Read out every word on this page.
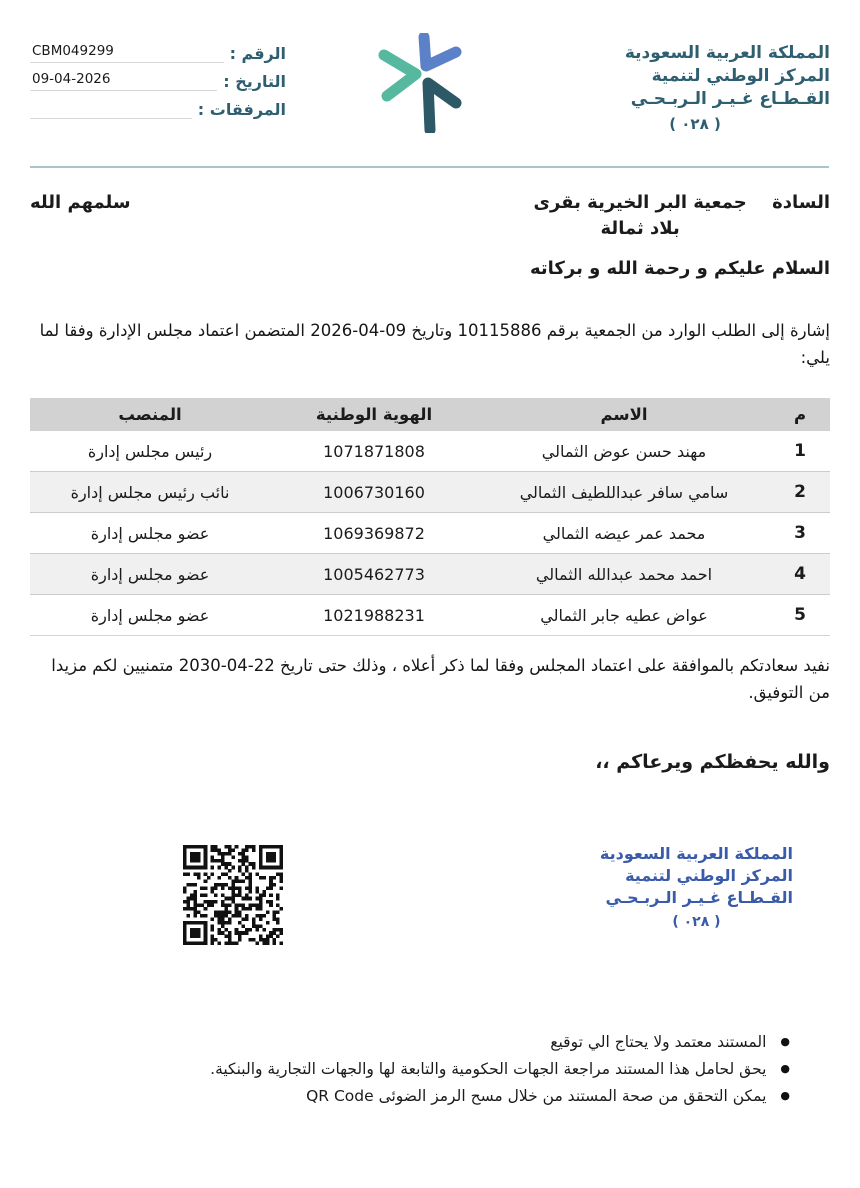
الرقم :
CBM049299
التاريخ :
09-04-2026
المرفقات :
المملكة العربية السعودية
المركز الوطني لتنمية
القـطـاع غـيـر الـربـحـي
( ٠٢٨ )
السادة
جمعية البر الخيرية بقرى بلاد ثمالة
سلمهم الله
السلام عليكم و رحمة الله و بركاته
إشارة إلى الطلب الوارد من الجمعية برقم 10115886 وتاريخ 09-04-2026 المتضمن اعتماد مجلس الإدارة وفقا لما يلي:
م	الاسم	الهوية الوطنية	المنصب
1	مهند حسن عوض الثمالي	1071871808	رئيس مجلس إدارة
2	سامي سافر عبداللطيف الثمالي	1006730160	نائب رئيس مجلس إدارة
3	محمد عمر عيضه الثمالي	1069369872	عضو مجلس إدارة
4	احمد محمد عبدالله الثمالي	1005462773	عضو مجلس إدارة
5	عواض عطيه جابر الثمالي	1021988231	عضو مجلس إدارة
نفيد سعادتكم بالموافقة على اعتماد المجلس وفقا لما ذكر أعلاه ، وذلك حتى تاريخ 22-04-2030 متمنيين لكم مزيدا من التوفيق.
والله يحفظكم ويرعاكم ،،
المملكة العربية السعودية
المركز الوطني لتنمية
القـطـاع غـيـر الـربـحـي
( ٠٢٨ )
●المستند معتمد ولا يحتاج الي توقيع
●يحق لحامل هذا المستند مراجعة الجهات الحكومية والتابعة لها والجهات التجارية والبنكية.
●يمكن التحقق من صحة المستند من خلال مسح الرمز الضوئى QR Code
